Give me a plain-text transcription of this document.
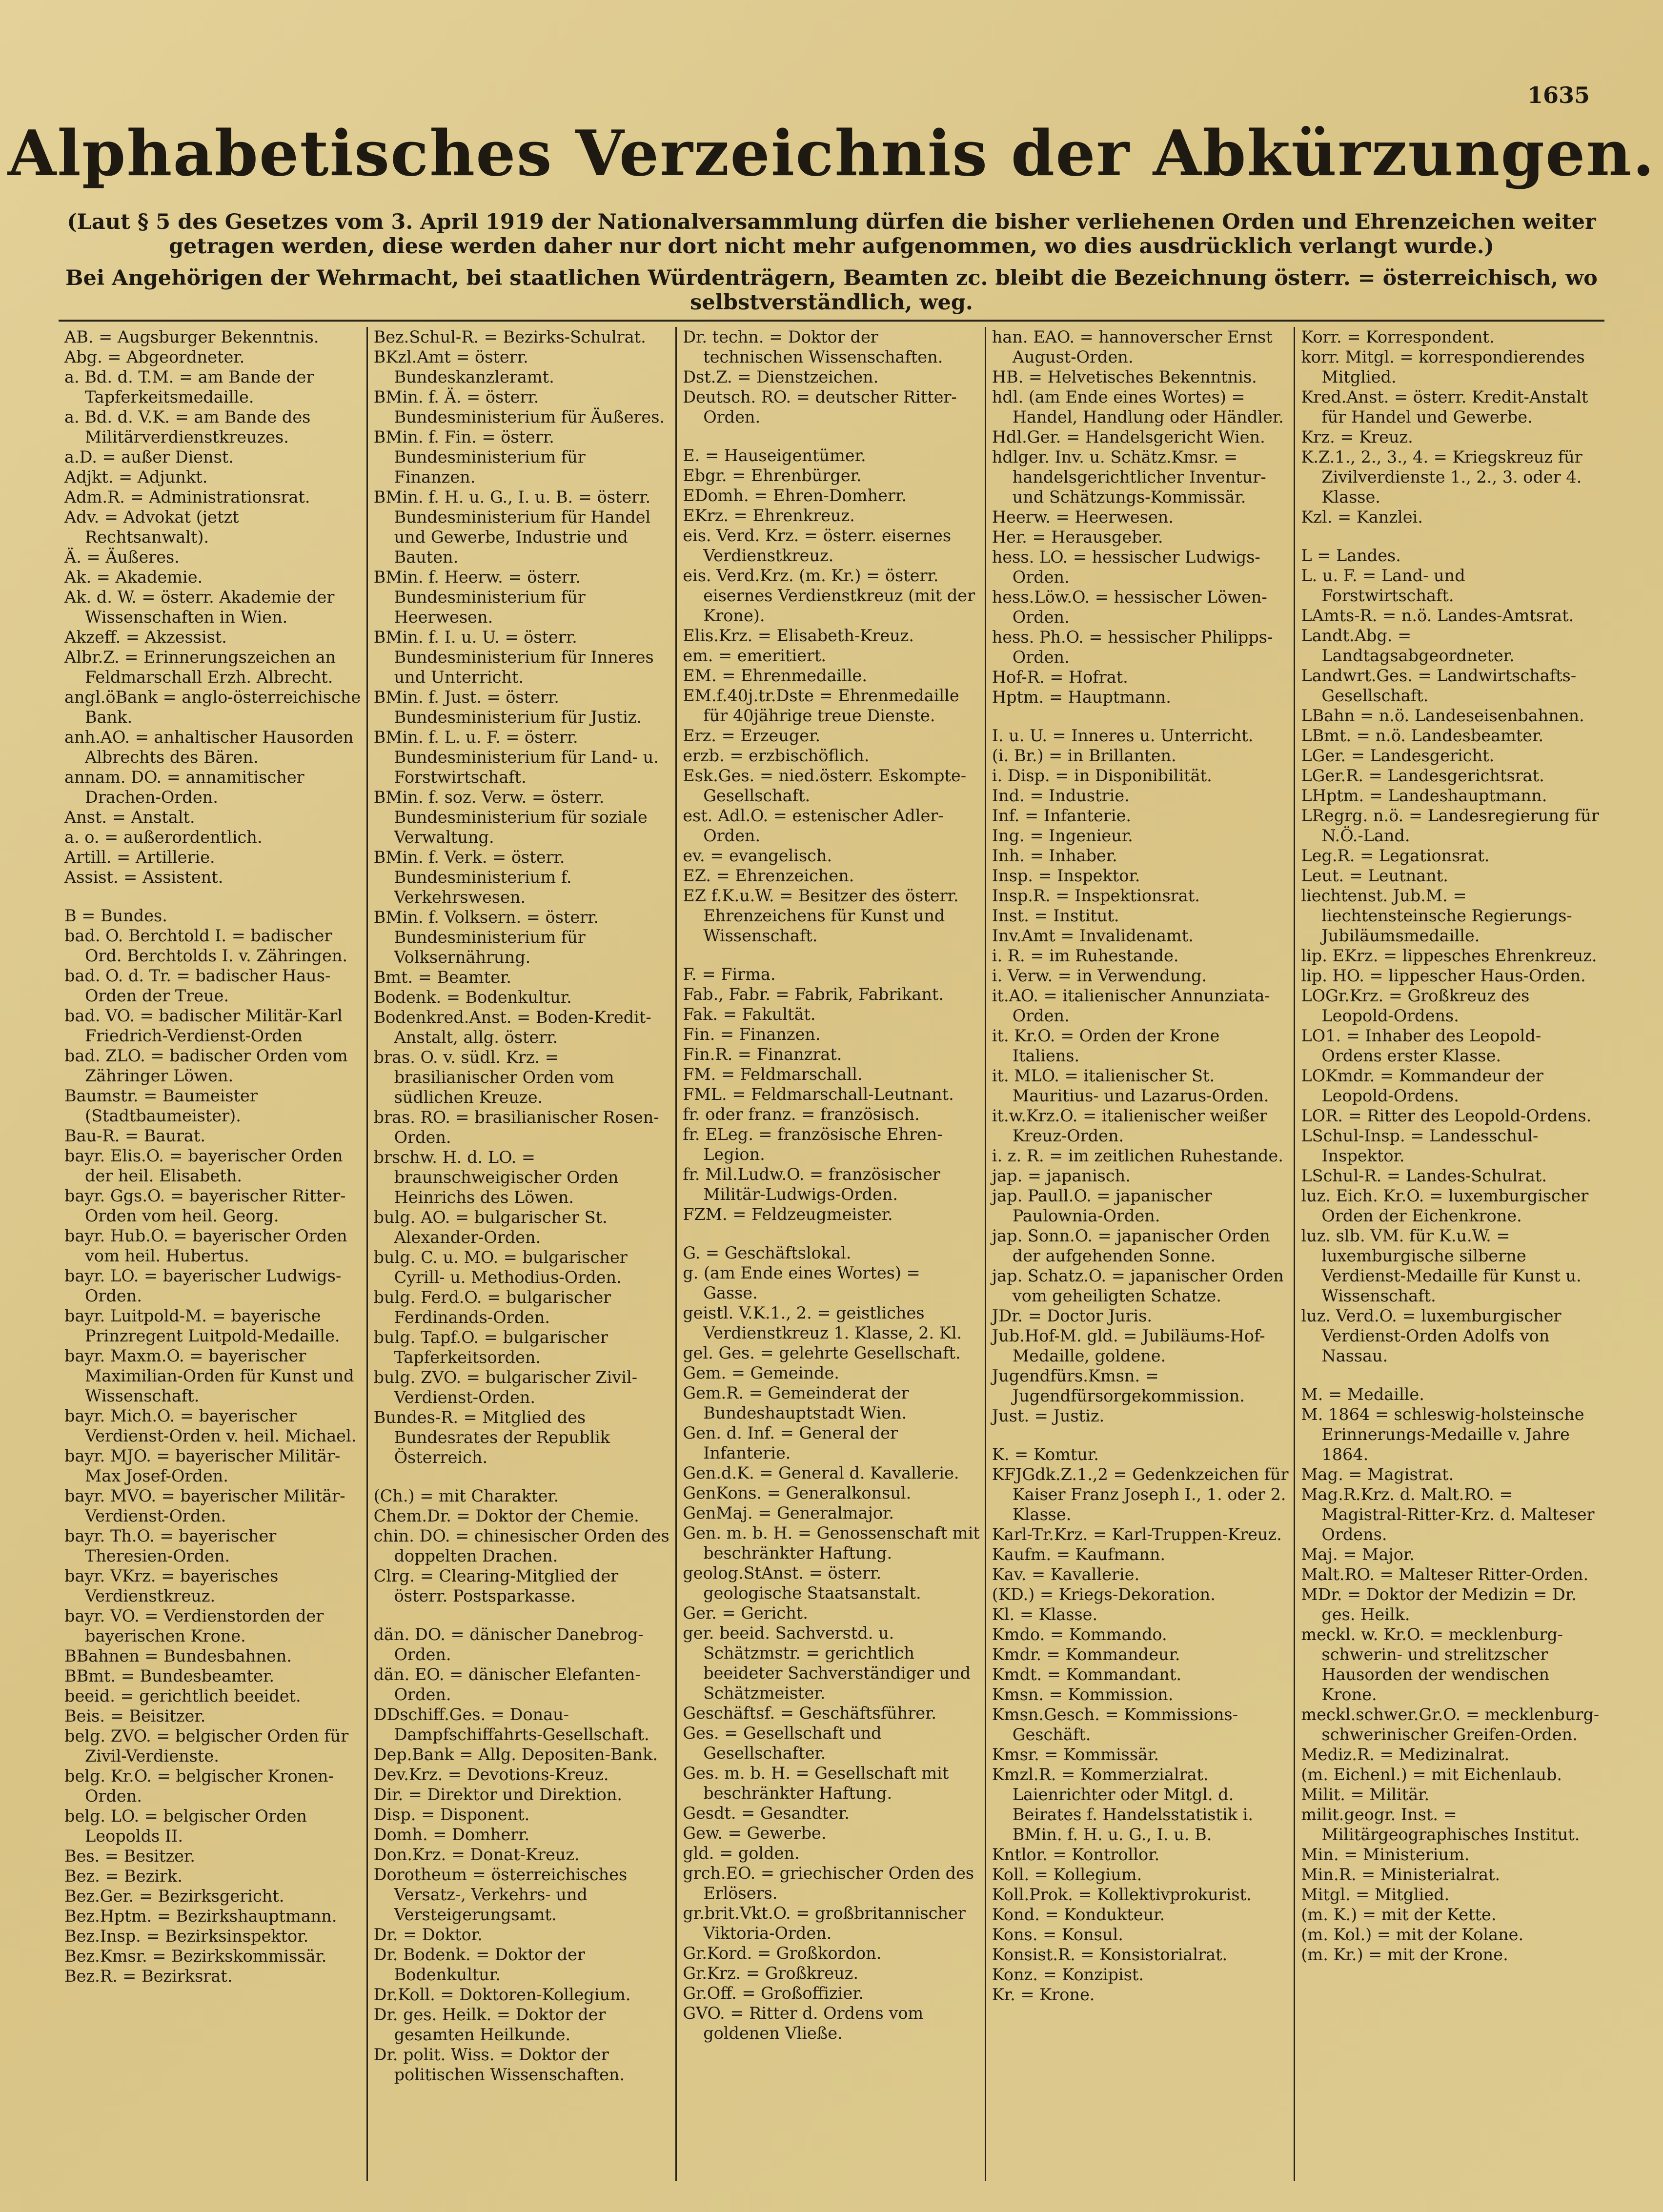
1635
Alphabetisches Verzeichnis der Abkürzungen.

(Laut § 5 des Gesetzes vom 3. April 1919 der Nationalversammlung dürfen die bisher verliehenen Orden und Ehrenzeichen weiter getragen werden, diese werden daher nur dort nicht mehr aufgenommen, wo dies ausdrücklich verlangt wurde.)

Bei Angehörigen der Wehrmacht, bei staatlichen Würdenträgern, Beamten zc. bleibt die Bezeichnung österr. = österreichisch, wo selbstverständlich, weg.

AB. = Augsburger Bekenntnis.

Abg. = Abgeordneter.

a. Bd. d. T.M. = am Bande der Tapferkeitsmedaille.

a. Bd. d. V.K. = am Bande des Militärverdienstkreuzes.

a.D. = außer Dienst.

Adjkt. = Adjunkt.

Adm.R. = Administrationsrat.

Adv. = Advokat (jetzt Rechtsanwalt).

Ä. = Äußeres.

Ak. = Akademie.

Ak. d. W. = österr. Akademie der Wissenschaften in Wien.

Akzeff. = Akzessist.

Albr.Z. = Erinnerungszeichen an Feldmarschall Erzh. Albrecht.

angl.öBank = anglo-österreichische Bank.

anh.AO. = anhaltischer Hausorden Albrechts des Bären.

annam. DO. = annamitischer Drachen-Orden.

Anst. = Anstalt.

a. o. = außerordentlich.

Artill. = Artillerie.

Assist. = Assistent.

B = Bundes.

bad. O. Berchtold I. = badischer Ord. Berchtolds I. v. Zähringen.

bad. O. d. Tr. = badischer Haus-Orden der Treue.

bad. VO. = badischer Militär-Karl Friedrich-Verdienst-Orden

bad. ZLO. = badischer Orden vom Zähringer Löwen.

Baumstr. = Baumeister (Stadtbaumeister).

Bau-R. = Baurat.

bayr. Elis.O. = bayerischer Orden der heil. Elisabeth.

bayr. Ggs.O. = bayerischer Ritter-Orden vom heil. Georg.

bayr. Hub.O. = bayerischer Orden vom heil. Hubertus.

bayr. LO. = bayerischer Ludwigs-Orden.

bayr. Luitpold-M. = bayerische Prinzregent Luitpold-Medaille.

bayr. Maxm.O. = bayerischer Maximilian-Orden für Kunst und Wissenschaft.

bayr. Mich.O. = bayerischer Verdienst-Orden v. heil. Michael.

bayr. MJO. = bayerischer Militär-Max Josef-Orden.

bayr. MVO. = bayerischer Militär-Verdienst-Orden.

bayr. Th.O. = bayerischer Theresien-Orden.

bayr. VKrz. = bayerisches Verdienstkreuz.

bayr. VO. = Verdienstorden der bayerischen Krone.

BBahnen = Bundesbahnen.

BBmt. = Bundesbeamter.

beeid. = gerichtlich beeidet.

Beis. = Beisitzer.

belg. ZVO. = belgischer Orden für Zivil-Verdienste.

belg. Kr.O. = belgischer Kronen-Orden.

belg. LO. = belgischer Orden Leopolds II.

Bes. = Besitzer.

Bez. = Bezirk.

Bez.Ger. = Bezirksgericht.

Bez.Hptm. = Bezirkshauptmann.

Bez.Insp. = Bezirksinspektor.

Bez.Kmsr. = Bezirkskommissär.

Bez.R. = Bezirksrat.

Bez.Schul-R. = Bezirks-Schulrat.

BKzl.Amt = österr. Bundeskanzleramt.

BMin. f. Ä. = österr. Bundesministerium für Äußeres.

BMin. f. Fin. = österr. Bundesministerium für Finanzen.

BMin. f. H. u. G., I. u. B. = österr. Bundesministerium für Handel und Gewerbe, Industrie und Bauten.

BMin. f. Heerw. = österr. Bundesministerium für Heerwesen.

BMin. f. I. u. U. = österr. Bundesministerium für Inneres und Unterricht.

BMin. f. Just. = österr. Bundesministerium für Justiz.

BMin. f. L. u. F. = österr. Bundesministerium für Land- u. Forstwirtschaft.

BMin. f. soz. Verw. = österr. Bundesministerium für soziale Verwaltung.

BMin. f. Verk. = österr. Bundesministerium f. Verkehrswesen.

BMin. f. Volksern. = österr. Bundesministerium für Volksernährung.

Bmt. = Beamter.

Bodenk. = Bodenkultur.

Bodenkred.Anst. = Boden-Kredit-Anstalt, allg. österr.

bras. O. v. südl. Krz. = brasilianischer Orden vom südlichen Kreuze.

bras. RO. = brasilianischer Rosen-Orden.

brschw. H. d. LO. = braunschweigischer Orden Heinrichs des Löwen.

bulg. AO. = bulgarischer St. Alexander-Orden.

bulg. C. u. MO. = bulgarischer Cyrill- u. Methodius-Orden.

bulg. Ferd.O. = bulgarischer Ferdinands-Orden.

bulg. Tapf.O. = bulgarischer Tapferkeitsorden.

bulg. ZVO. = bulgarischer Zivil-Verdienst-Orden.

Bundes-R. = Mitglied des Bundesrates der Republik Österreich.

(Ch.) = mit Charakter.

Chem.Dr. = Doktor der Chemie.

chin. DO. = chinesischer Orden des doppelten Drachen.

Clrg. = Clearing-Mitglied der österr. Postsparkasse.

dän. DO. = dänischer Danebrog-Orden.

dän. EO. = dänischer Elefanten-Orden.

DDschiff.Ges. = Donau-Dampfschiffahrts-Gesellschaft.

Dep.Bank = Allg. Depositen-Bank.

Dev.Krz. = Devotions-Kreuz.

Dir. = Direktor und Direktion.

Disp. = Disponent.

Domh. = Domherr.

Don.Krz. = Donat-Kreuz.

Dorotheum = österreichisches Versatz-, Verkehrs- und Versteigerungsamt.

Dr. = Doktor.

Dr. Bodenk. = Doktor der Bodenkultur.

Dr.Koll. = Doktoren-Kollegium.

Dr. ges. Heilk. = Doktor der gesamten Heilkunde.

Dr. polit. Wiss. = Doktor der politischen Wissenschaften.

Dr. techn. = Doktor der technischen Wissenschaften.

Dst.Z. = Dienstzeichen.

Deutsch. RO. = deutscher Ritter-Orden.

E. = Hauseigentümer.

Ebgr. = Ehrenbürger.

EDomh. = Ehren-Domherr.

EKrz. = Ehrenkreuz.

eis. Verd. Krz. = österr. eisernes Verdienstkreuz.

eis. Verd.Krz. (m. Kr.) = österr. eisernes Verdienstkreuz (mit der Krone).

Elis.Krz. = Elisabeth-Kreuz.

em. = emeritiert.

EM. = Ehrenmedaille.

EM.f.40j.tr.Dste = Ehrenmedaille für 40jährige treue Dienste.

Erz. = Erzeuger.

erzb. = erzbischöflich.

Esk.Ges. = nied.österr. Eskompte-Gesellschaft.

est. Adl.O. = estenischer Adler-Orden.

ev. = evangelisch.

EZ. = Ehrenzeichen.

EZ f.K.u.W. = Besitzer des österr. Ehrenzeichens für Kunst und Wissenschaft.

F. = Firma.

Fab., Fabr. = Fabrik, Fabrikant.

Fak. = Fakultät.

Fin. = Finanzen.

Fin.R. = Finanzrat.

FM. = Feldmarschall.

FML. = Feldmarschall-Leutnant.

fr. oder franz. = französisch.

fr. ELeg. = französische Ehren-Legion.

fr. Mil.Ludw.O. = französischer Militär-Ludwigs-Orden.

FZM. = Feldzeugmeister.

G. = Geschäftslokal.

g. (am Ende eines Wortes) = Gasse.

geistl. V.K.1., 2. = geistliches Verdienstkreuz 1. Klasse, 2. Kl.

gel. Ges. = gelehrte Gesellschaft.

Gem. = Gemeinde.

Gem.R. = Gemeinderat der Bundeshauptstadt Wien.

Gen. d. Inf. = General der Infanterie.

Gen.d.K. = General d. Kavallerie.

GenKons. = Generalkonsul.

GenMaj. = Generalmajor.

Gen. m. b. H. = Genossenschaft mit beschränkter Haftung.

geolog.StAnst. = österr. geologische Staatsanstalt.

Ger. = Gericht.

ger. beeid. Sachverstd. u. Schätzmstr. = gerichtlich beeideter Sachverständiger und Schätzmeister.

Geschäftsf. = Geschäftsführer.

Ges. = Gesellschaft und Gesellschafter.

Ges. m. b. H. = Gesellschaft mit beschränkter Haftung.

Gesdt. = Gesandter.

Gew. = Gewerbe.

gld. = golden.

grch.EO. = griechischer Orden des Erlösers.

gr.brit.Vkt.O. = großbritannischer Viktoria-Orden.

Gr.Kord. = Großkordon.

Gr.Krz. = Großkreuz.

Gr.Off. = Großoffizier.

GVO. = Ritter d. Ordens vom goldenen Vließe.

han. EAO. = hannoverscher Ernst August-Orden.

HB. = Helvetisches Bekenntnis.

hdl. (am Ende eines Wortes) = Handel, Handlung oder Händler.

Hdl.Ger. = Handelsgericht Wien.

hdlger. Inv. u. Schätz.Kmsr. = handelsgerichtlicher Inventur- und Schätzungs-Kommissär.

Heerw. = Heerwesen.

Her. = Herausgeber.

hess. LO. = hessischer Ludwigs-Orden.

hess.Löw.O. = hessischer Löwen-Orden.

hess. Ph.O. = hessischer Philipps-Orden.

Hof-R. = Hofrat.

Hptm. = Hauptmann.

I. u. U. = Inneres u. Unterricht.

(i. Br.) = in Brillanten.

i. Disp. = in Disponibilität.

Ind. = Industrie.

Inf. = Infanterie.

Ing. = Ingenieur.

Inh. = Inhaber.

Insp. = Inspektor.

Insp.R. = Inspektionsrat.

Inst. = Institut.

Inv.Amt = Invalidenamt.

i. R. = im Ruhestande.

i. Verw. = in Verwendung.

it.AO. = italienischer Annunziata-Orden.

it. Kr.O. = Orden der Krone Italiens.

it. MLO. = italienischer St. Mauritius- und Lazarus-Orden.

it.w.Krz.O. = italienischer weißer Kreuz-Orden.

i. z. R. = im zeitlichen Ruhestande.

jap. = japanisch.

jap. Paull.O. = japanischer Paulownia-Orden.

jap. Sonn.O. = japanischer Orden der aufgehenden Sonne.

jap. Schatz.O. = japanischer Orden vom geheiligten Schatze.

JDr. = Doctor Juris.

Jub.Hof-M. gld. = Jubiläums-Hof-Medaille, goldene.

Jugendfürs.Kmsn. = Jugendfürsorgekommission.

Just. = Justiz.

K. = Komtur.

KFJGdk.Z.1.,2 = Gedenkzeichen für Kaiser Franz Joseph I., 1. oder 2. Klasse.

Karl-Tr.Krz. = Karl-Truppen-Kreuz.

Kaufm. = Kaufmann.

Kav. = Kavallerie.

(KD.) = Kriegs-Dekoration.

Kl. = Klasse.

Kmdo. = Kommando.

Kmdr. = Kommandeur.

Kmdt. = Kommandant.

Kmsn. = Kommission.

Kmsn.Gesch. = Kommissions-Geschäft.

Kmsr. = Kommissär.

Kmzl.R. = Kommerzialrat. Laienrichter oder Mitgl. d. Beirates f. Handelsstatistik i. BMin. f. H. u. G., I. u. B.

Kntlor. = Kontrollor.

Koll. = Kollegium.

Koll.Prok. = Kollektivprokurist.

Kond. = Kondukteur.

Kons. = Konsul.

Konsist.R. = Konsistorialrat.

Konz. = Konzipist.

Kr. = Krone.

Korr. = Korrespondent.

korr. Mitgl. = korrespondierendes Mitglied.

Kred.Anst. = österr. Kredit-Anstalt für Handel und Gewerbe.

Krz. = Kreuz.

K.Z.1., 2., 3., 4. = Kriegskreuz für Zivilverdienste 1., 2., 3. oder 4. Klasse.

Kzl. = Kanzlei.

L = Landes.

L. u. F. = Land- und Forstwirtschaft.

LAmts-R. = n.ö. Landes-Amtsrat.

Landt.Abg. = Landtagsabgeordneter.

Landwrt.Ges. = Landwirtschafts-Gesellschaft.

LBahn = n.ö. Landeseisenbahnen.

LBmt. = n.ö. Landesbeamter.

LGer. = Landesgericht.

LGer.R. = Landesgerichtsrat.

LHptm. = Landeshauptmann.

LRegrg. n.ö. = Landesregierung für N.Ö.-Land.

Leg.R. = Legationsrat.

Leut. = Leutnant.

liechtenst. Jub.M. = liechtensteinsche Regierungs-Jubiläumsmedaille.

lip. EKrz. = lippesches Ehrenkreuz.

lip. HO. = lippescher Haus-Orden.

LOGr.Krz. = Großkreuz des Leopold-Ordens.

LO1. = Inhaber des Leopold-Ordens erster Klasse.

LOKmdr. = Kommandeur der Leopold-Ordens.

LOR. = Ritter des Leopold-Ordens.

LSchul-Insp. = Landesschul-Inspektor.

LSchul-R. = Landes-Schulrat.

luz. Eich. Kr.O. = luxemburgischer Orden der Eichenkrone.

luz. slb. VM. für K.u.W. = luxemburgische silberne Verdienst-Medaille für Kunst u. Wissenschaft.

luz. Verd.O. = luxemburgischer Verdienst-Orden Adolfs von Nassau.

M. = Medaille.

M. 1864 = schleswig-holsteinsche Erinnerungs-Medaille v. Jahre 1864.

Mag. = Magistrat.

Mag.R.Krz. d. Malt.RO. = Magistral-Ritter-Krz. d. Malteser Ordens.

Maj. = Major.

Malt.RO. = Malteser Ritter-Orden.

MDr. = Doktor der Medizin = Dr. ges. Heilk.

meckl. w. Kr.O. = mecklenburg-schwerin- und strelitzscher Hausorden der wendischen Krone.

meckl.schwer.Gr.O. = mecklenburg-schwerinischer Greifen-Orden.

Mediz.R. = Medizinalrat.

(m. Eichenl.) = mit Eichenlaub.

Milit. = Militär.

milit.geogr. Inst. = Militärgeographisches Institut.

Min. = Ministerium.

Min.R. = Ministerialrat.

Mitgl. = Mitglied.

(m. K.) = mit der Kette.

(m. Kol.) = mit der Kolane.

(m. Kr.) = mit der Krone.
